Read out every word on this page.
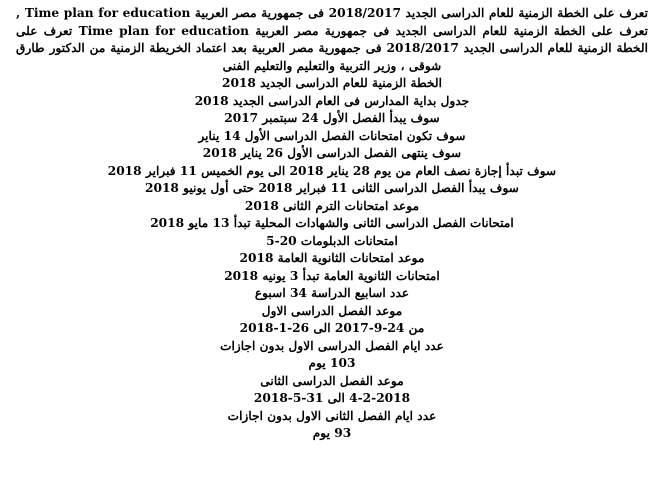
تعرف على الخطة الزمنية للعام الدراسى الجديد 2018/2017 فى جمهورية مصر العربية Time plan for education , تعرف على الخطة الزمنية للعام الدراسى الجديد فى جمهورية مصر العربية Time plan for education تعرف على الخطة الزمنية للعام الدراسى الجديد 2018/2017 فى جمهورية مصر العربية بعد اعتماد الخريطة الزمنية من الدكتور طارق شوقى ، وزير التربية والتعليم والتعليم الفنى

الخطة الزمنية للعام الدراسى الجديد 2018

جدول بداية المدارس فى العام الدراسى الجديد 2018

سوف يبدأ الفصل الأول 24 سبتمبر 2017

سوف تكون امتحانات الفصل الدراسى الأول 14 يناير

سوف ينتهى الفصل الدراسى الأول 26 يناير 2018

سوف تبدأ إجازة نصف العام من يوم 28 يناير 2018 الى يوم الخميس 11 فبراير 2018

سوف يبدأ الفصل الدراسى الثانى 11 فبراير 2018 حتى أول يونيو 2018

موعد امتحانات الترم الثانى 2018

امتحانات الفصل الدراسى الثانى والشهادات المحلية تبدأ 13 مايو 2018

امتحانات الدبلومات 20-5

موعد امتحانات الثانوية العامة 2018

امتحانات الثانوية العامة تبدأ 3 يونيه 2018

عدد اسابيع الدراسة 34 اسبوع

موعد الفصل الدراسى الاول

من 24-9-2017 الى 26-1-2018

عدد ايام الفصل الدراسى الاول بدون اجازات

103 يوم

موعد الفصل الدراسى الثانى

4-2-2018 الى 31-5-2018

عدد ايام الفصل الثانى الاول بدون اجازات

93 يوم
